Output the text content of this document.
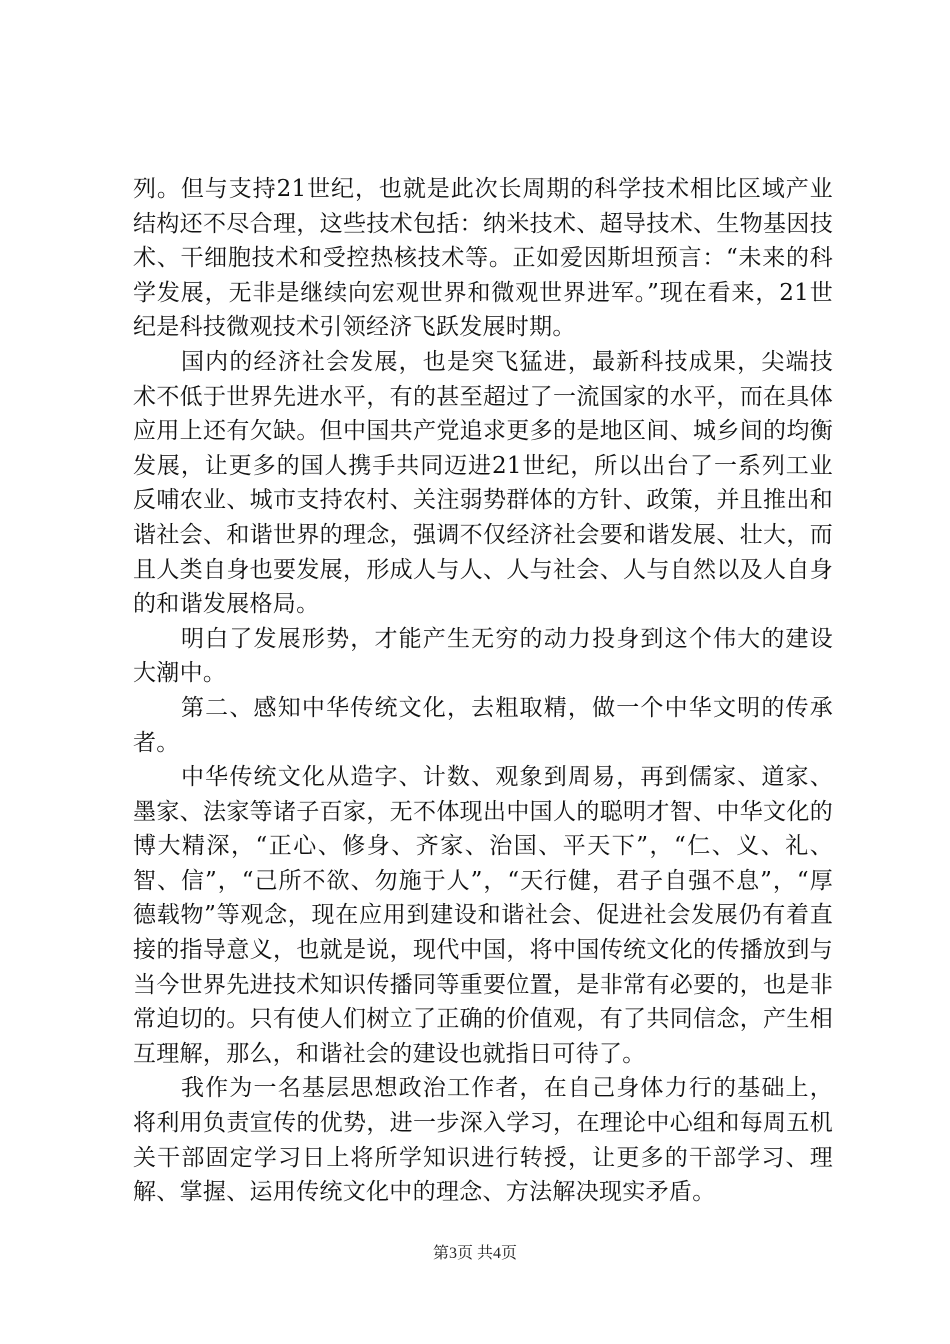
列。但与支持21世纪，也就是此次长周期的科学技术相比区域产业结构还不尽合理，这些技术包括：纳米技术、超导技术、生物基因技术、干细胞技术和受控热核技术等。正如爱因斯坦预言：“未来的科学发展，无非是继续向宏观世界和微观世界进军。”现在看来，21世纪是科技微观技术引领经济飞跃发展时期。

国内的经济社会发展，也是突飞猛进，最新科技成果，尖端技术不低于世界先进水平，有的甚至超过了一流国家的水平，而在具体应用上还有欠缺。但中国共产党追求更多的是地区间、城乡间的均衡发展，让更多的国人携手共同迈进21世纪，所以出台了一系列工业反哺农业、城市支持农村、关注弱势群体的方针、政策，并且推出和谐社会、和谐世界的理念，强调不仅经济社会要和谐发展、壮大，而且人类自身也要发展，形成人与人、人与社会、人与自然以及人自身的和谐发展格局。

明白了发展形势，才能产生无穷的动力投身到这个伟大的建设大潮中。

第二、感知中华传统文化，去粗取精，做一个中华文明的传承者。

中华传统文化从造字、计数、观象到周易，再到儒家、道家、墨家、法家等诸子百家，无不体现出中国人的聪明才智、中华文化的博大精深，“正心、修身、齐家、治国、平天下”，“仁、义、礼、智、信”，“己所不欲、勿施于人”，“天行健，君子自强不息”，“厚德载物”等观念，现在应用到建设和谐社会、促进社会发展仍有着直接的指导意义，也就是说，现代中国，将中国传统文化的传播放到与当今世界先进技术知识传播同等重要位置，是非常有必要的，也是非常迫切的。只有使人们树立了正确的价值观，有了共同信念，产生相互理解，那么，和谐社会的建设也就指日可待了。

我作为一名基层思想政治工作者，在自己身体力行的基础上，将利用负责宣传的优势，进一步深入学习，在理论中心组和每周五机关干部固定学习日上将所学知识进行转授，让更多的干部学习、理解、掌握、运用传统文化中的理念、方法解决现实矛盾。

第3页 共4页
